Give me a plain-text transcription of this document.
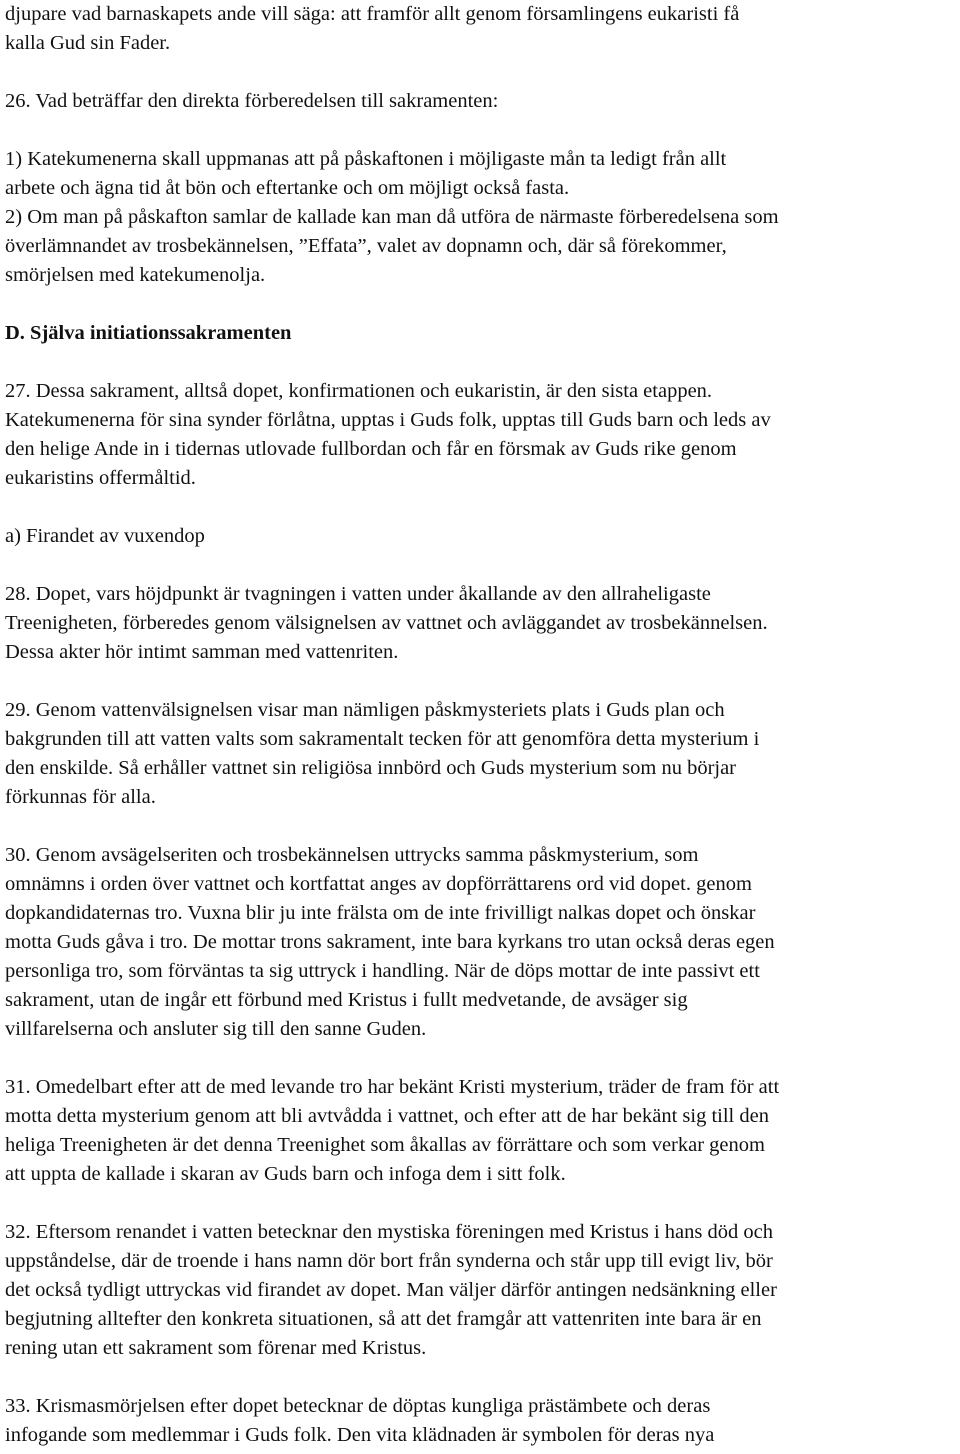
djupare vad barnaskapets ande vill säga: att framför allt genom församlingens eukaristi få
kalla Gud sin Fader.
26. Vad beträffar den direkta förberedelsen till sakramenten:
1) Katekumenerna skall uppmanas att på påskaftonen i möjligaste mån ta ledigt från allt
arbete och ägna tid åt bön och eftertanke och om möjligt också fasta.
2) Om man på påskafton samlar de kallade kan man då utföra de närmaste förberedelsena som
överlämnandet av trosbekännelsen, ”Effata”, valet av dopnamn och, där så förekommer,
smörjelsen med katekumenolja.
D. Själva initiationssakramenten
27. Dessa sakrament, alltså dopet, konfirmationen och eukaristin, är den sista etappen.
Katekumenerna för sina synder förlåtna, upptas i Guds folk, upptas till Guds barn och leds av
den helige Ande in i tidernas utlovade fullbordan och får en försmak av Guds rike genom
eukaristins offermåltid.
a) Firandet av vuxendop
28. Dopet, vars höjdpunkt är tvagningen i vatten under åkallande av den allraheligaste
Treenigheten, förberedes genom välsignelsen av vattnet och avläggandet av trosbekännelsen.
Dessa akter hör intimt samman med vattenriten.
29. Genom vattenvälsignelsen visar man nämligen påskmysteriets plats i Guds plan och
bakgrunden till att vatten valts som sakramentalt tecken för att genomföra detta mysterium i
den enskilde. Så erhåller vattnet sin religiösa innbörd och Guds mysterium som nu börjar
förkunnas för alla.
30. Genom avsägelseriten och trosbekännelsen uttrycks samma påskmysterium, som
omnämns i orden över vattnet och kortfattat anges av dopförrättarens ord vid dopet. genom
dopkandidaternas tro. Vuxna blir ju inte frälsta om de inte frivilligt nalkas dopet och önskar
motta Guds gåva i tro. De mottar trons sakrament, inte bara kyrkans tro utan också deras egen
personliga tro, som förväntas ta sig uttryck i handling. När de döps mottar de inte passivt ett
sakrament, utan de ingår ett förbund med Kristus i fullt medvetande, de avsäger sig
villfarelserna och ansluter sig till den sanne Guden.
31. Omedelbart efter att de med levande tro har bekänt Kristi mysterium, träder de fram för att
motta detta mysterium genom att bli avtvådda i vattnet, och efter att de har bekänt sig till den
heliga Treenigheten är det denna Treenighet som åkallas av förrättare och som verkar genom
att uppta de kallade i skaran av Guds barn och infoga dem i sitt folk.
32. Eftersom renandet i vatten betecknar den mystiska föreningen med Kristus i hans död och
uppståndelse, där de troende i hans namn dör bort från synderna och står upp till evigt liv, bör
det också tydligt uttryckas vid firandet av dopet. Man väljer därför antingen nedsänkning eller
begjutning alltefter den konkreta situationen, så att det framgår att vattenriten inte bara är en
rening utan ett sakrament som förenar med Kristus.
33. Krismasmörjelsen efter dopet betecknar de döptas kungliga prästämbete och deras
infogande som medlemmar i Guds folk. Den vita klädnaden är symbolen för deras nya
